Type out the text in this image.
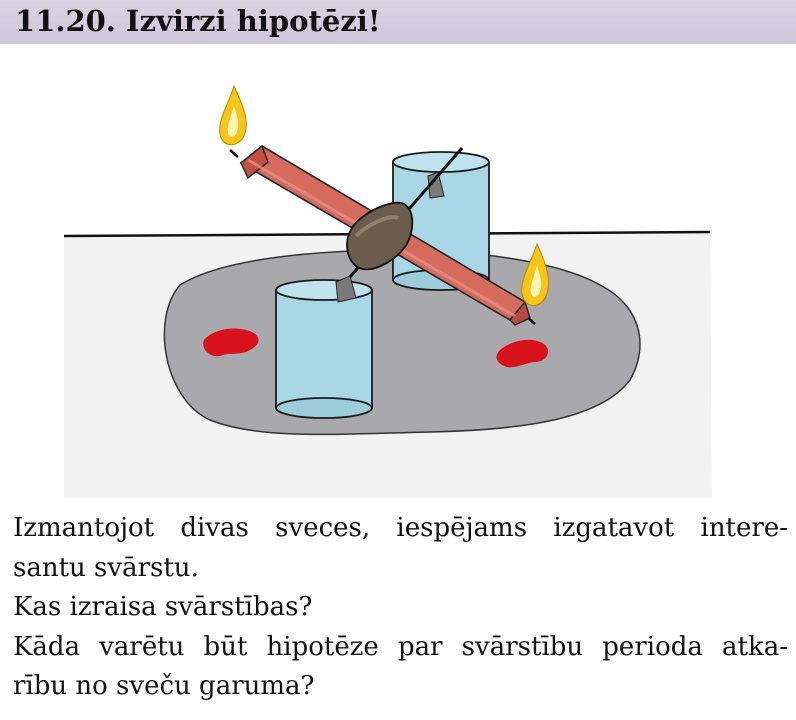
11.20. Izvirzi hipotēzi!
Izmantojot divas sveces, iespējams izgatavot intere-
santu svārstu.
Kas izraisa svārstības?
Kāda varētu būt hipotēze par svārstību perioda atka-
rību no sveču garuma?
